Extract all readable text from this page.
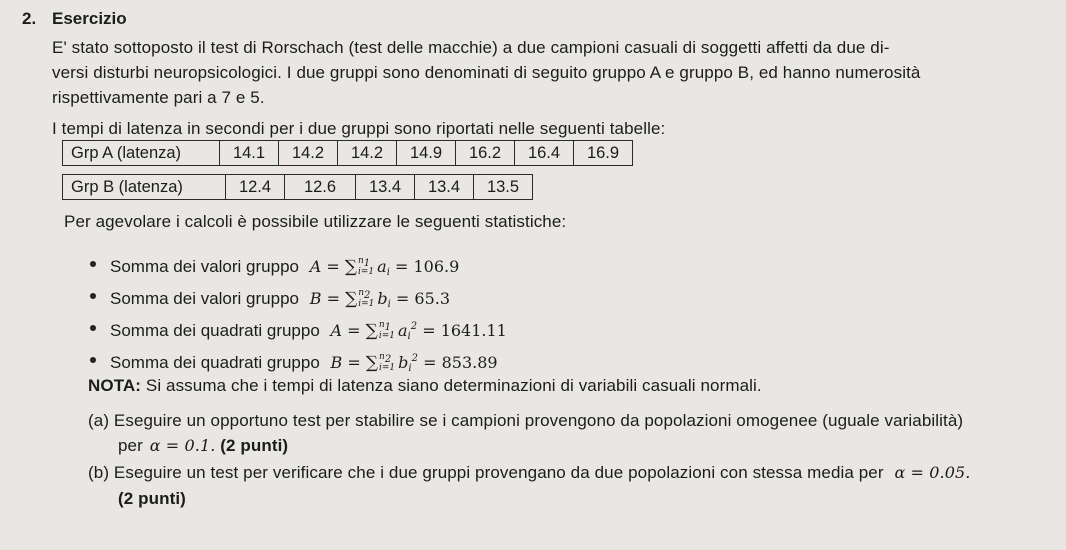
2. Esercizio
E' stato sottoposto il test di Rorschach (test delle macchie) a due campioni casuali di soggetti affetti da due di-
versi disturbi neuropsicologici. I due gruppi sono denominati di seguito gruppo A e gruppo B, ed hanno numerosità
rispettivamente pari a 7 e 5.
I tempi di latenza in secondi per i due gruppi sono riportati nelle seguenti tabelle:
Grp A (latenza)	14.1	14.2	14.2	14.9	16.2	16.4	16.9
Grp B (latenza)	12.4	12.6	13.4	13.4	13.5
Per agevolare i calcoli è possibile utilizzare le seguenti statistiche:
Somma dei valori gruppo A = ∑n1
i=1 $a_i = 106.9$
Somma dei valori gruppo B = ∑n2
i=1 $b_i = 65.3$
Somma dei quadrati gruppo A = ∑n1
i=1 $a_i^2 = 1641.11$
Somma dei quadrati gruppo B = ∑n2
i=1 $b_i^2 = 853.89$
NOTA: Si assuma che i tempi di latenza siano determinazioni di variabili casuali normali.
(a) Eseguire un opportuno test per stabilire se i campioni provengono da popolazioni omogenee (uguale variabilità)
per α = 0.1. (2 punti)
(b) Eseguire un test per verificare che i due gruppi provengano da due popolazioni con stessa media per α = 0.05.
(2 punti)
